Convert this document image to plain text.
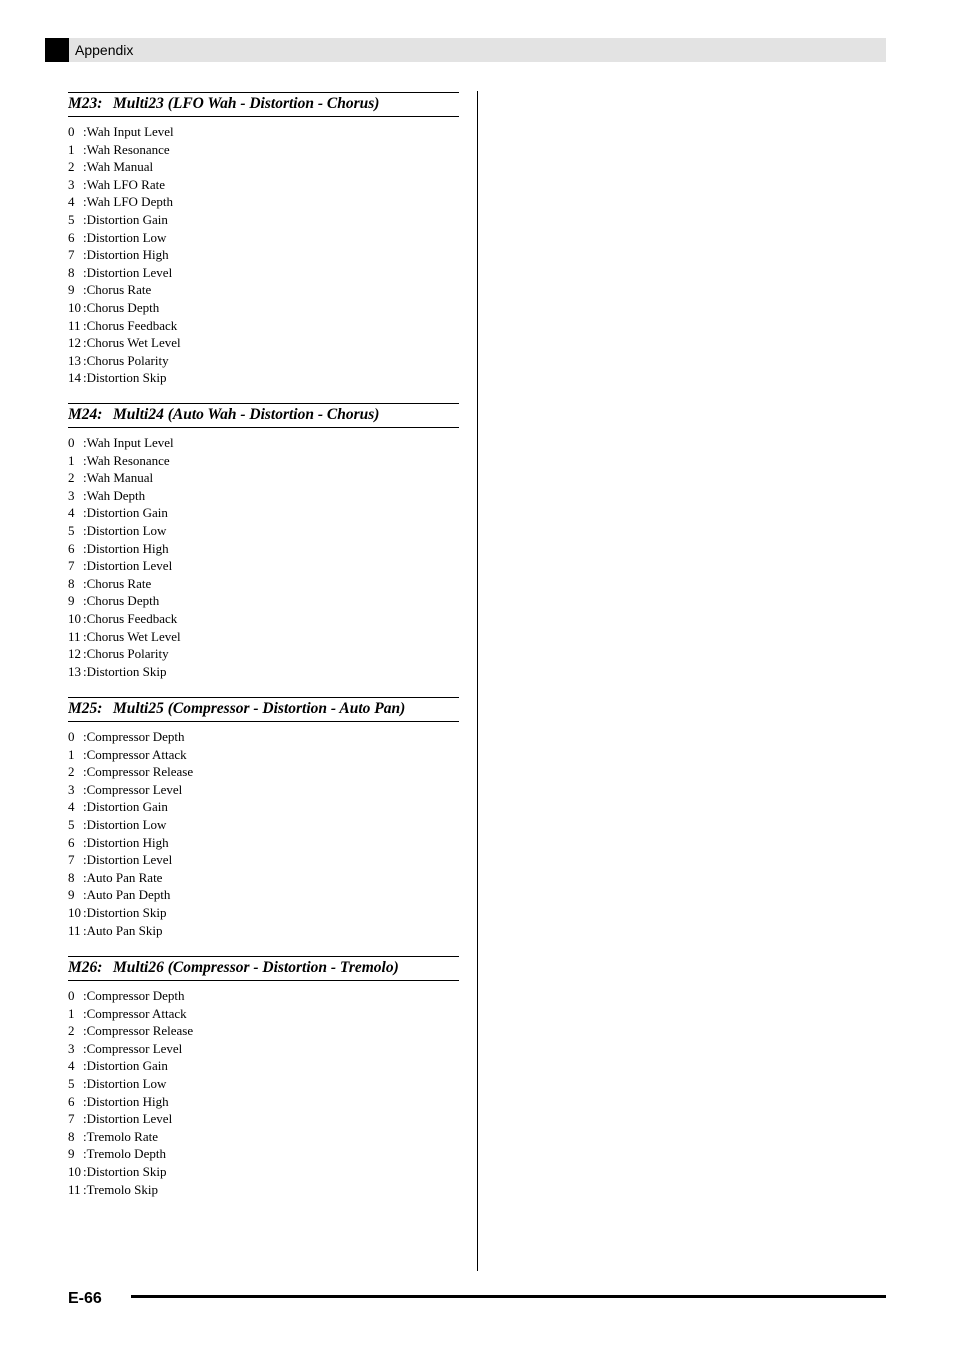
Appendix
M23: Multi23 (LFO Wah - Distortion - Chorus)
0 :Wah Input Level
1 :Wah Resonance
2 :Wah Manual
3 :Wah LFO Rate
4 :Wah LFO Depth
5 :Distortion Gain
6 :Distortion Low
7 :Distortion High
8 :Distortion Level
9 :Chorus Rate
10 :Chorus Depth
11 :Chorus Feedback
12 :Chorus Wet Level
13 :Chorus Polarity
14 :Distortion Skip
M24: Multi24 (Auto Wah - Distortion - Chorus)
0 :Wah Input Level
1 :Wah Resonance
2 :Wah Manual
3 :Wah Depth
4 :Distortion Gain
5 :Distortion Low
6 :Distortion High
7 :Distortion Level
8 :Chorus Rate
9 :Chorus Depth
10 :Chorus Feedback
11 :Chorus Wet Level
12 :Chorus Polarity
13 :Distortion Skip
M25: Multi25 (Compressor - Distortion - Auto Pan)
0 :Compressor Depth
1 :Compressor Attack
2 :Compressor Release
3 :Compressor Level
4 :Distortion Gain
5 :Distortion Low
6 :Distortion High
7 :Distortion Level
8 :Auto Pan Rate
9 :Auto Pan Depth
10 :Distortion Skip
11 :Auto Pan Skip
M26: Multi26 (Compressor - Distortion - Tremolo)
0 :Compressor Depth
1 :Compressor Attack
2 :Compressor Release
3 :Compressor Level
4 :Distortion Gain
5 :Distortion Low
6 :Distortion High
7 :Distortion Level
8 :Tremolo Rate
9 :Tremolo Depth
10 :Distortion Skip
11 :Tremolo Skip
E-66
